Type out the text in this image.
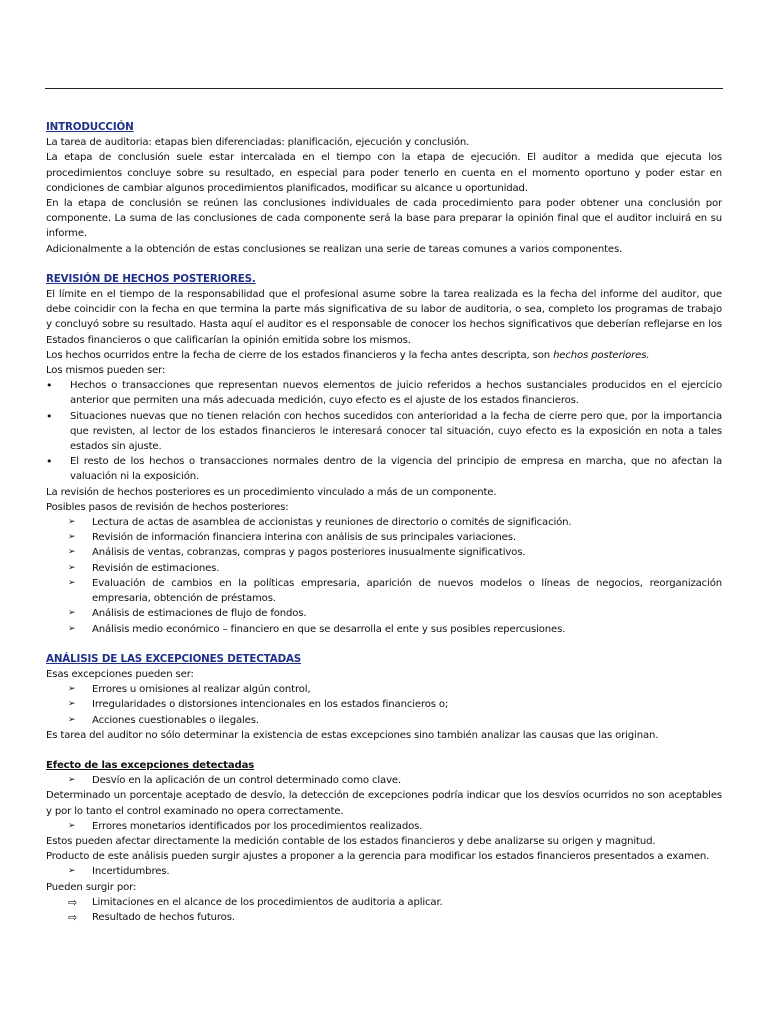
INTRODUCCIÓN

La tarea de auditoria: etapas bien diferenciadas: planificación, ejecución y conclusión.

La etapa de conclusión suele estar intercalada en el tiempo con la etapa de ejecución. El auditor a medida que ejecuta los procedimientos concluye sobre su resultado, en especial para poder tenerlo en cuenta en el momento oportuno y poder estar en condiciones de cambiar algunos procedimientos planificados, modificar su alcance u oportunidad.

En la etapa de conclusión se reúnen las conclusiones individuales de cada procedimiento para poder obtener una conclusión por componente. La suma de las conclusiones de cada componente será la base para preparar la opinión final que el auditor incluirá en su informe.

Adicionalmente a la obtención de estas conclusiones se realizan una serie de tareas comunes a varios componentes.

REVISIÓN DE HECHOS POSTERIORES.

El límite en el tiempo de la responsabilidad que el profesional asume sobre la tarea realizada es la fecha del informe del auditor, que debe coincidir con la fecha en que termina la parte más significativa de su labor de auditoria, o sea, completo los programas de trabajo y concluyó sobre su resultado. Hasta aquí el auditor es el responsable de conocer los hechos significativos que deberían reflejarse en los Estados financieros o que calificarían la opinión emitida sobre los mismos.

Los hechos ocurridos entre la fecha de cierre de los estados financieros y la fecha antes descripta, son hechos posteriores.

Los mismos pueden ser:

• Hechos o transacciones que representan nuevos elementos de juicio referidos a hechos sustanciales producidos en el ejercicio anterior que permiten una más adecuada medición, cuyo efecto es el ajuste de los estados financieros.
• Situaciones nuevas que no tienen relación con hechos sucedidos con anterioridad a la fecha de cierre pero que, por la importancia que revisten, al lector de los estados financieros le interesará conocer tal situación, cuyo efecto es la exposición en nota a tales estados sin ajuste.
• El resto de los hechos o transacciones normales dentro de la vigencia del principio de empresa en marcha, que no afectan la valuación ni la exposición.

La revisión de hechos posteriores es un procedimiento vinculado a más de un componente.

Posibles pasos de revisión de hechos posteriores:

➢ Lectura de actas de asamblea de accionistas y reuniones de directorio o comités de significación.
➢ Revisión de información financiera interina con análisis de sus principales variaciones.
➢ Análisis de ventas, cobranzas, compras y pagos posteriores inusualmente significativos.
➢ Revisión de estimaciones.
➢ Evaluación de cambios en la políticas empresaria, aparición de nuevos modelos o líneas de negocios, reorganización empresaria, obtención de préstamos.
➢ Análisis de estimaciones de flujo de fondos.
➢ Análisis medio económico – financiero en que se desarrolla el ente y sus posibles repercusiones.

ANÁLISIS DE LAS EXCEPCIONES DETECTADAS

Esas excepciones pueden ser:

➢ Errores u omisiones al realizar algún control,
➢ Irregularidades o distorsiones intencionales en los estados financieros o;
➢ Acciones cuestionables o ilegales.

Es tarea del auditor no sólo determinar la existencia de estas excepciones sino también analizar las causas que las originan.

Efecto de las excepciones detectadas

➢ Desvío en la aplicación de un control determinado como clave.

Determinado un porcentaje aceptado de desvío, la detección de excepciones podría indicar que los desvíos ocurridos no son aceptables y por lo tanto el control examinado no opera correctamente.

➢ Errores monetarios identificados por los procedimientos realizados.

Estos pueden afectar directamente la medición contable de los estados financieros y debe analizarse su origen y magnitud.

Producto de este análisis pueden surgir ajustes a proponer a la gerencia para modificar los estados financieros presentados a examen.

➢ Incertidumbres.

Pueden surgir por:

⇨ Limitaciones en el alcance de los procedimientos de auditoria a aplicar.
⇨ Resultado de hechos futuros.
